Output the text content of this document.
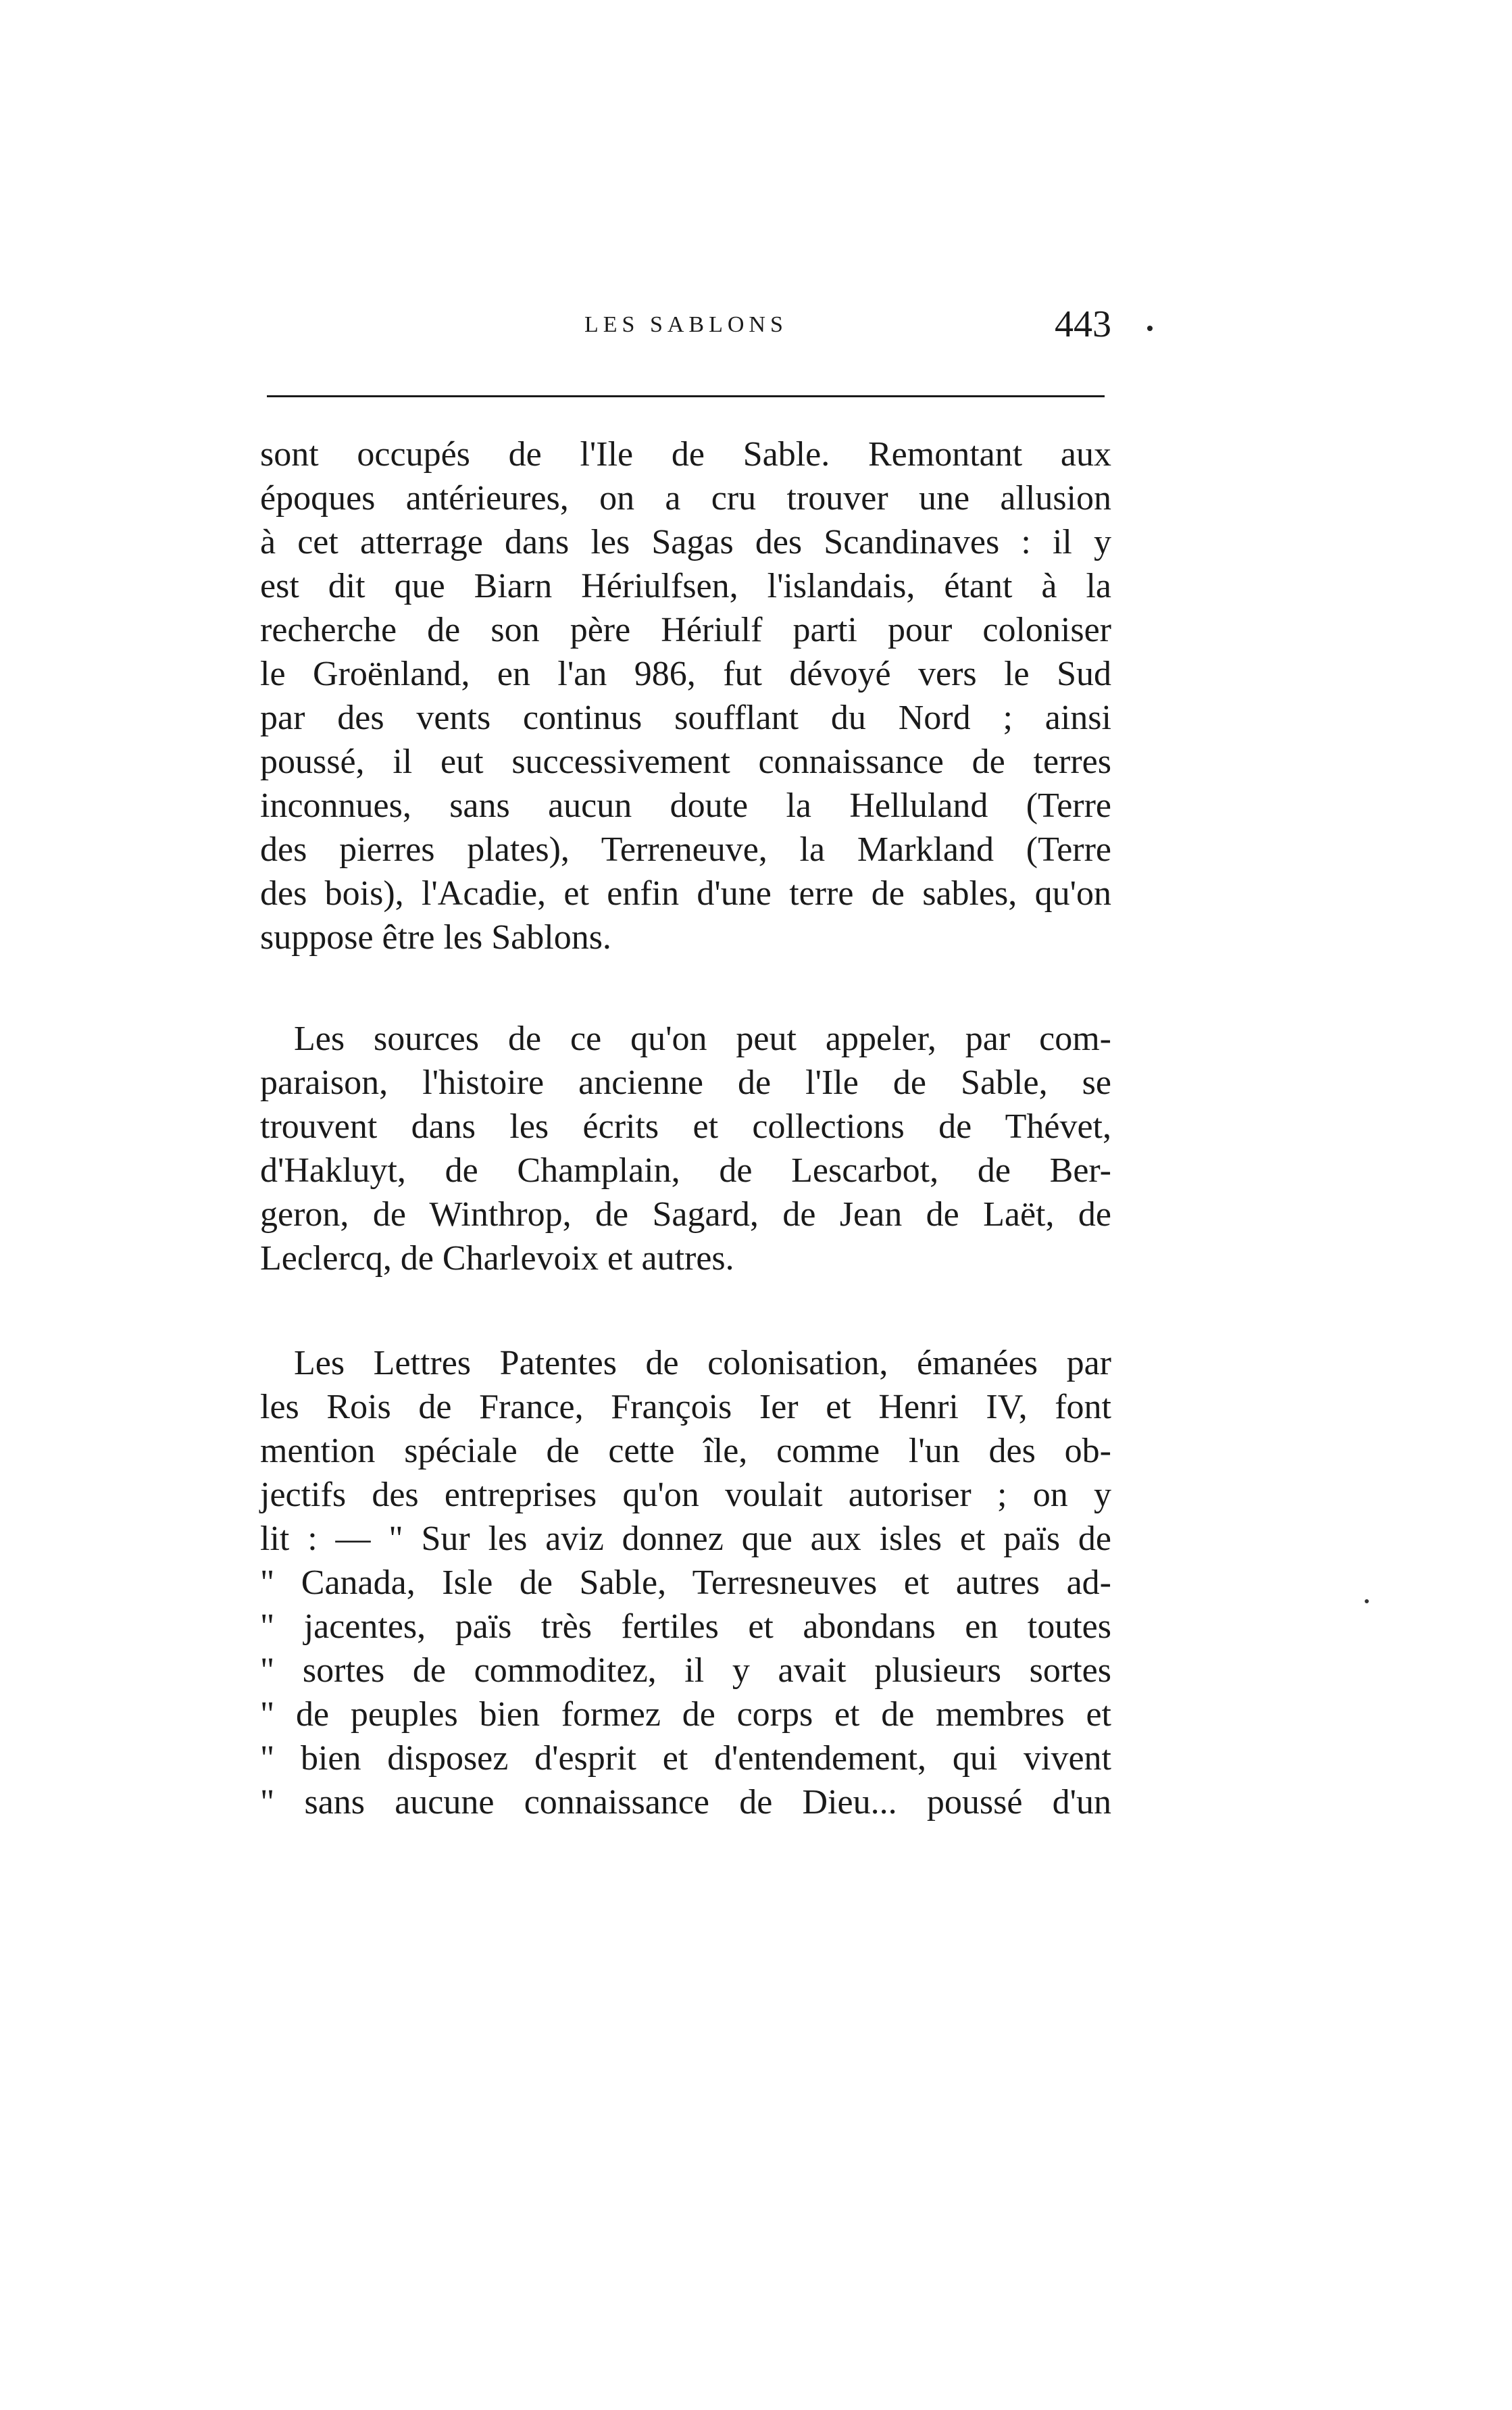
LES SABLONS	443
sont occupés de l'Ile de Sable. Remontant aux
époques antérieures, on a cru trouver une allusion
à cet atterrage dans les Sagas des Scandinaves : il y
est dit que Biarn Hériulfsen, l'islandais, étant à la
recherche de son père Hériulf parti pour coloniser
le Groënland, en l'an 986, fut dévoyé vers le Sud
par des vents continus soufflant du Nord ; ainsi
poussé, il eut successivement connaissance de terres
inconnues, sans aucun doute la Helluland (Terre
des pierres plates), Terreneuve, la Markland (Terre
des bois), l'Acadie, et enfin d'une terre de sables, qu'on
suppose être les Sablons.
Les sources de ce qu'on peut appeler, par com-
paraison, l'histoire ancienne de l'Ile de Sable, se
trouvent dans les écrits et collections de Thévet,
d'Hakluyt, de Champlain, de Lescarbot, de Ber-
geron, de Winthrop, de Sagard, de Jean de Laët, de
Leclercq, de Charlevoix et autres.
Les Lettres Patentes de colonisation, émanées par
les Rois de France, François Ier et Henri IV, font
mention spéciale de cette île, comme l'un des ob-
jectifs des entreprises qu'on voulait autoriser ; on y
lit : — " Sur les aviz donnez que aux isles et païs de
" Canada, Isle de Sable, Terresneuves et autres ad-
" jacentes, païs très fertiles et abondans en toutes
" sortes de commoditez, il y avait plusieurs sortes
" de peuples bien formez de corps et de membres et
" bien disposez d'esprit et d'entendement, qui vivent
" sans aucune connaissance de Dieu... poussé d'un
